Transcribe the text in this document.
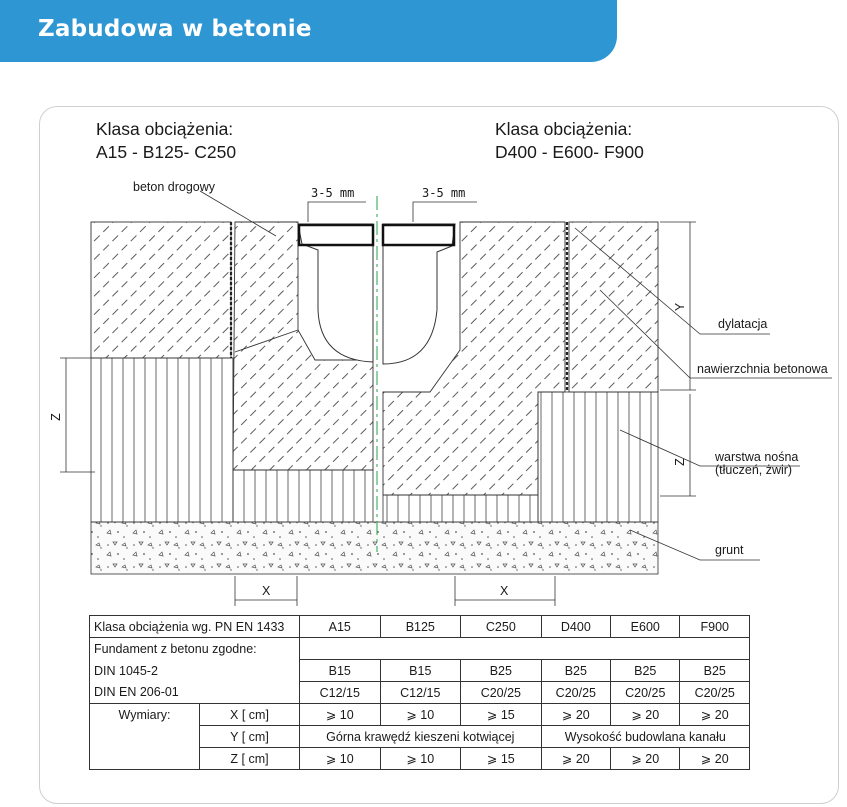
Zabudowa w betonie
Klasa obciążenia:
A15 - B125- C250
Klasa obciążenia:
D400 - E600- F900
beton drogowy	3-5 mm	3-5 mm
dylatacja
nawierzchnia betonowa
warstwa nośna
(tłuczeń, żwir)
grunt
Y
Z
Z
X	X
Klasa obciążenia wg. PN EN 1433		A15	B125	C250	D400	E600	F900
Fundament z betonu zgodne:							
DIN 1045-2		B15	B15	B25	B25	B25	B25
DIN EN 206-01		C12/15	C12/15	C20/25	C20/25	C20/25	C20/25
Wymiary:	X [ cm]	⩾ 10	⩾ 10	⩾ 15	⩾ 20	⩾ 20	⩾ 20
	Y [ cm]	Górna krawędź kieszeni kotwiącej			Wysokość budowlana kanału		
	Z [ cm]	⩾ 10	⩾ 10	⩾ 15	⩾ 20	⩾ 20	⩾ 20
